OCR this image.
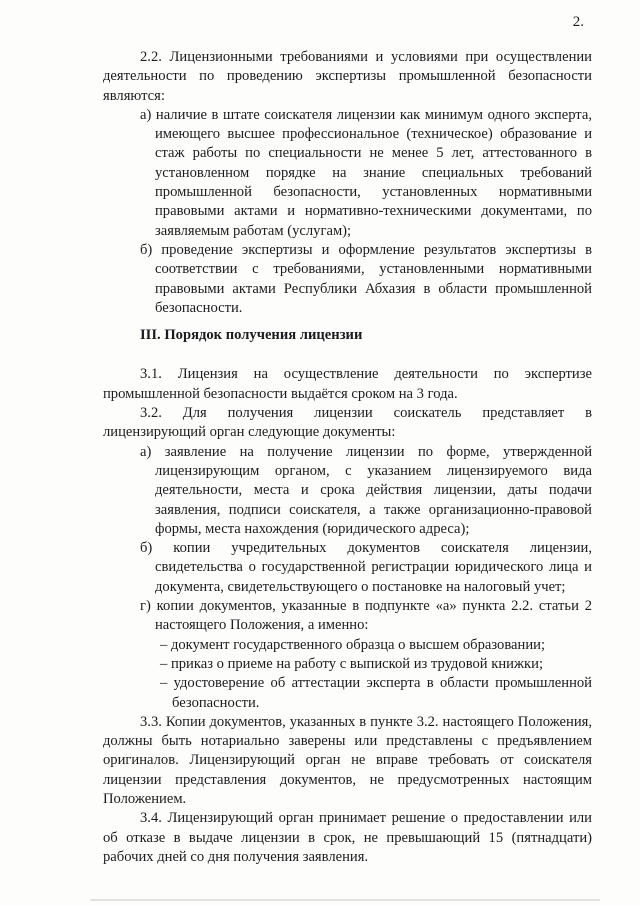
2.

2.2. Лицензионными требованиями и условиями при осуществлении деятельности по проведению экспертизы промышленной безопасности являются:

а) наличие в штате соискателя лицензии как минимум одного эксперта, имеющего высшее профессиональное (техническое) образование и стаж работы по специальности не менее 5 лет, аттестованного в установленном порядке на знание специальных требований промышленной безопасности, установленных нормативными правовыми актами и нормативно-техническими документами, по заявляемым работам (услугам);

б) проведение экспертизы и оформление результатов экспертизы в соответствии с требованиями, установленными нормативными правовыми актами Республики Абхазия в области промышленной безопасности.

III. Порядок получения лицензии

3.1. Лицензия на осуществление деятельности по экспертизе промышленной безопасности выдаётся сроком на 3 года.

3.2. Для получения лицензии соискатель представляет в лицензирующий орган следующие документы:

а) заявление на получение лицензии по форме, утвержденной лицензирующим органом, с указанием лицензируемого вида деятельности, места и срока действия лицензии, даты подачи заявления, подписи соискателя, а также организационно-правовой формы, места нахождения (юридического адреса);

б) копии учредительных документов соискателя лицензии, свидетельства о государственной регистрации юридического лица и документа, свидетельствующего о постановке на налоговый учет;

г) копии документов, указанные в подпункте «а» пункта 2.2. статьи 2 настоящего Положения, а именно:

– документ государственного образца о высшем образовании;

– приказ о приеме на работу с выпиской из трудовой книжки;

– удостоверение об аттестации эксперта в области промышленной безопасности.

3.3. Копии документов, указанных в пункте 3.2. настоящего Положения, должны быть нотариально заверены или представлены с предъявлением оригиналов. Лицензирующий орган не вправе требовать от соискателя лицензии представления документов, не предусмотренных настоящим Положением.

3.4. Лицензирующий орган принимает решение о предоставлении или об отказе в выдаче лицензии в срок, не превышающий 15 (пятнадцати) рабочих дней со дня получения заявления.
